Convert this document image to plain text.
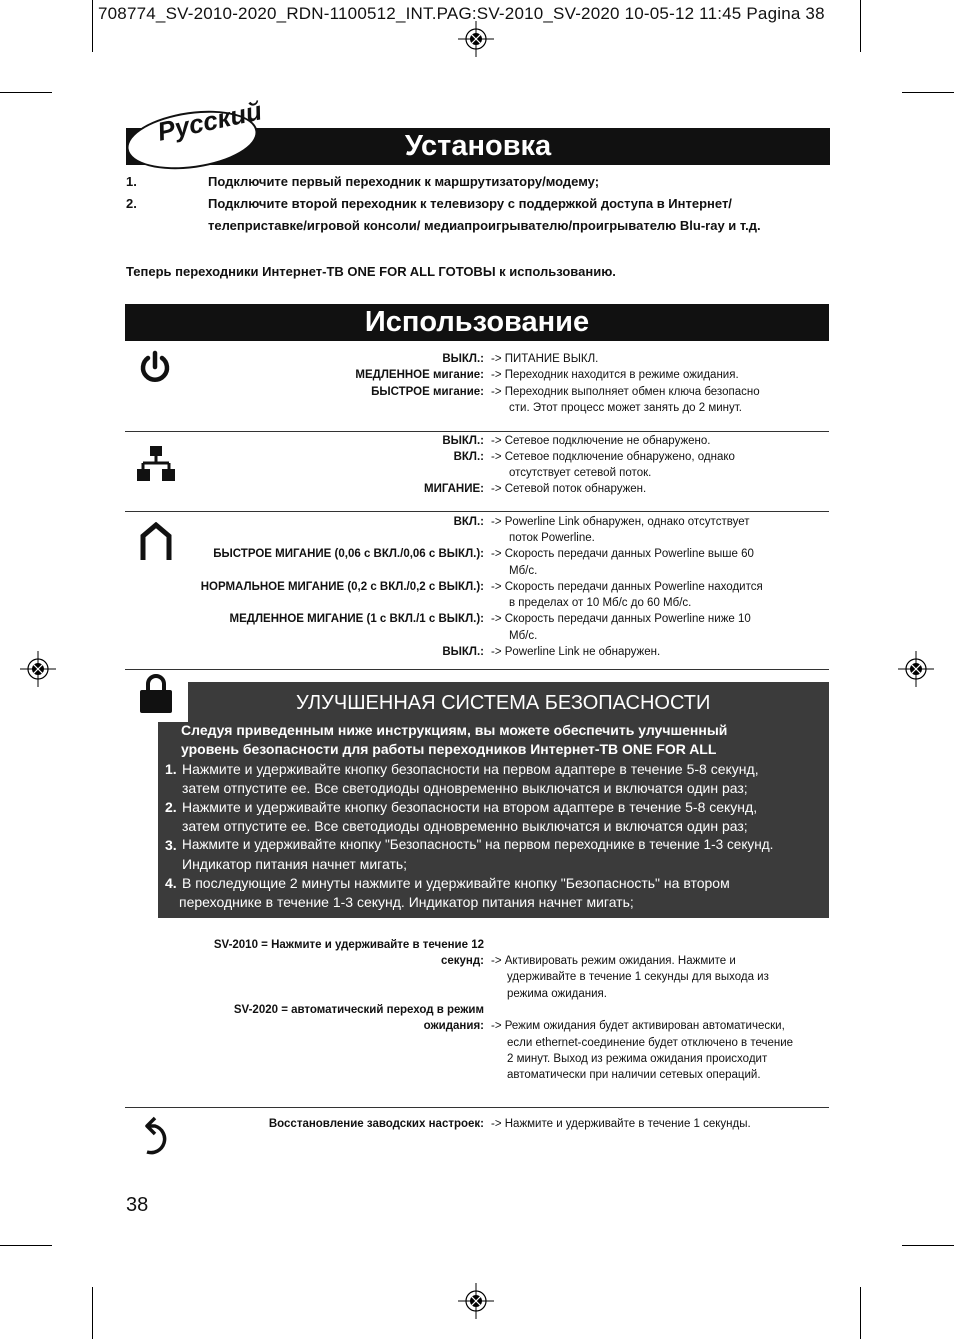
708774_SV-2010-2020_RDN-1100512_INT.PAG:SV-2010_SV-2020 10-05-12 11:45 Pagina 38
Установка
Русский
1.	Подключите первый переходник к маршрутизатору/модему;
2.	Подключите второй переходник к телевизору с поддержкой доступа в Интернет/
телеприставке/игровой консоли/ медиапроигрывателю/проигрывателю Blu-ray и т.д.
Теперь переходники Интернет-ТВ ONE FOR ALL ГОТОВЫ к использованию.
Использование
ВЫКЛ.: -> ПИТАНИЕ ВЫКЛ.
МЕДЛЕННОЕ мигание: -> Переходник находится в режиме ожидания.
БЫСТРОЕ мигание: -> Переходник выполняет обмен ключа безопасно
сти. Этот процесс может занять до 2 минут.
ВЫКЛ.: -> Сетевое подключение не обнаружено.
ВКЛ.: -> Сетевое подключение обнаружено, однако
отсутствует сетевой поток.
МИГАНИЕ: -> Сетевой поток обнаружен.
ВКЛ.: -> Powerline Link обнаружен, однако отсутствует
поток Powerline.
БЫСТРОЕ МИГАНИЕ (0,06 с ВКЛ./0,06 с ВЫКЛ.): -> Скорость передачи данных Powerline выше 60
Мб/с.
НОРМАЛЬНОЕ МИГАНИЕ (0,2 с ВКЛ./0,2 с ВЫКЛ.): -> Скорость передачи данных Powerline находится
в пределах от 10 Мб/с до 60 Мб/с.
МЕДЛЕННОЕ МИГАНИЕ (1 с ВКЛ./1 с ВЫКЛ.): -> Скорость передачи данных Powerline ниже 10
Мб/с.
ВЫКЛ.: -> Powerline Link не обнаружен.
УЛУЧШЕННАЯ СИСТЕМА БЕЗОПАСНОСТИ
Следуя приведенным ниже инструкциям, вы можете обеспечить улучшенный
уровень безопасности для работы переходников Интернет-ТВ ONE FOR ALL
1. Нажмите и удерживайте кнопку безопасности на первом адаптере в течение 5-8 секунд,
затем отпустите ее. Все светодиоды одновременно выключатся и включатся один раз;
2. Нажмите и удерживайте кнопку безопасности на втором адаптере в течение 5-8 секунд,
затем отпустите ее. Все светодиоды одновременно выключатся и включатся один раз;
3. Нажмите и удерживайте кнопку "Безопасность" на первом переходнике в течение 1-3 секунд.
Индикатор питания начнет мигать;
4. В последующие 2 минуты нажмите и удерживайте кнопку "Безопасность" на втором
переходнике в течение 1-3 секунд. Индикатор питания начнет мигать;
SV-2010 = Нажмите и удерживайте в течение 12
секунд: -> Активировать режим ожидания. Нажмите и
удерживайте в течение 1 секунды для выхода из
режима ожидания.
SV-2020 = автоматический переход в режим
ожидания: -> Режим ожидания будет активирован автоматически,
если ethernet-соединение будет отключено в течение
2 минут. Выход из режима ожидания происходит
автоматически при наличии сетевых операций.
Восстановление заводских настроек: -> Нажмите и удерживайте в течение 1 секунды.
38
